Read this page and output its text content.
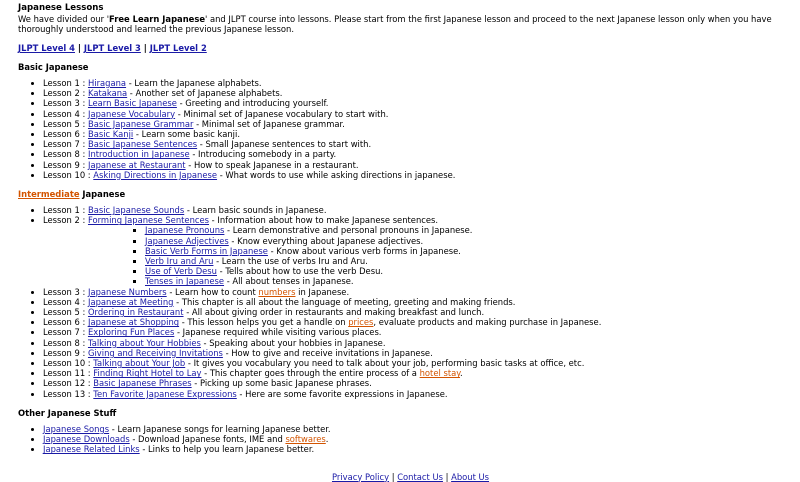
Japanese Lessons

We have divided our 'Free Learn Japanese' and JLPT course into lessons. Please start from the first Japanese lesson and proceed to the next Japanese lesson only when you have thoroughly understood and learned the previous Japanese lesson.

JLPT Level 4 | JLPT Level 3 | JLPT Level 2
Basic Japanese
• Lesson 1 : Hiragana - Learn the Japanese alphabets.
• Lesson 2 : Katakana - Another set of Japanese alphabets.
• Lesson 3 : Learn Basic Japanese - Greeting and introducing yourself.
• Lesson 4 : Japanese Vocabulary - Minimal set of Japanese vocabulary to start with.
• Lesson 5 : Basic Japanese Grammar - Minimal set of Japanese grammar.
• Lesson 6 : Basic Kanji - Learn some basic kanji.
• Lesson 7 : Basic Japanese Sentences - Small Japanese sentences to start with.
• Lesson 8 : Introduction in Japanese - Introducing somebody in a party.
• Lesson 9 : Japanese at Restaurant - How to speak Japanese in a restaurant.
• Lesson 10 : Asking Directions in Japanese - What words to use while asking directions in japanese.
Intermediate Japanese
• Lesson 1 : Basic Japanese Sounds - Learn basic sounds in Japanese.
• Lesson 2 : Forming Japanese Sentences - Information about how to make Japanese sentences.
▪ Japanese Pronouns - Learn demonstrative and personal pronouns in Japanese.
▪ Japanese Adjectives - Know everything about Japanese adjectives.
▪ Basic Verb Forms in Japanese - Know about various verb forms in Japanese.
▪ Verb Iru and Aru - Learn the use of verbs Iru and Aru.
▪ Use of Verb Desu - Tells about how to use the verb Desu.
▪ Tenses in Japanese - All about tenses in Japanese.
• Lesson 3 : Japanese Numbers - Learn how to count numbers in Japanese.
• Lesson 4 : Japanese at Meeting - This chapter is all about the language of meeting, greeting and making friends.
• Lesson 5 : Ordering in Restaurant - All about giving order in restaurants and making breakfast and lunch.
• Lesson 6 : Japanese at Shopping - This lesson helps you get a handle on prices, evaluate products and making purchase in Japanese.
• Lesson 7 : Exploring Fun Places - Japanese required while visiting various places.
• Lesson 8 : Talking about Your Hobbies - Speaking about your hobbies in Japanese.
• Lesson 9 : Giving and Receiving Invitations - How to give and receive invitations in Japanese.
• Lesson 10 : Talking about Your Job - It gives you vocabulary you need to talk about your job, performing basic tasks at office, etc.
• Lesson 11 : Finding Right Hotel to Lay - This chapter goes through the entire process of a hotel stay.
• Lesson 12 : Basic Japanese Phrases - Picking up some basic Japanese phrases.
• Lesson 13 : Ten Favorite Japanese Expressions - Here are some favorite expressions in Japanese.
Other Japanese Stuff
• Japanese Songs - Learn Japanese songs for learning Japanese better.
• Japanese Downloads - Download Japanese fonts, IME and softwares.
• Japanese Related Links - Links to help you learn Japanese better.
Privacy Policy | Contact Us | About Us
